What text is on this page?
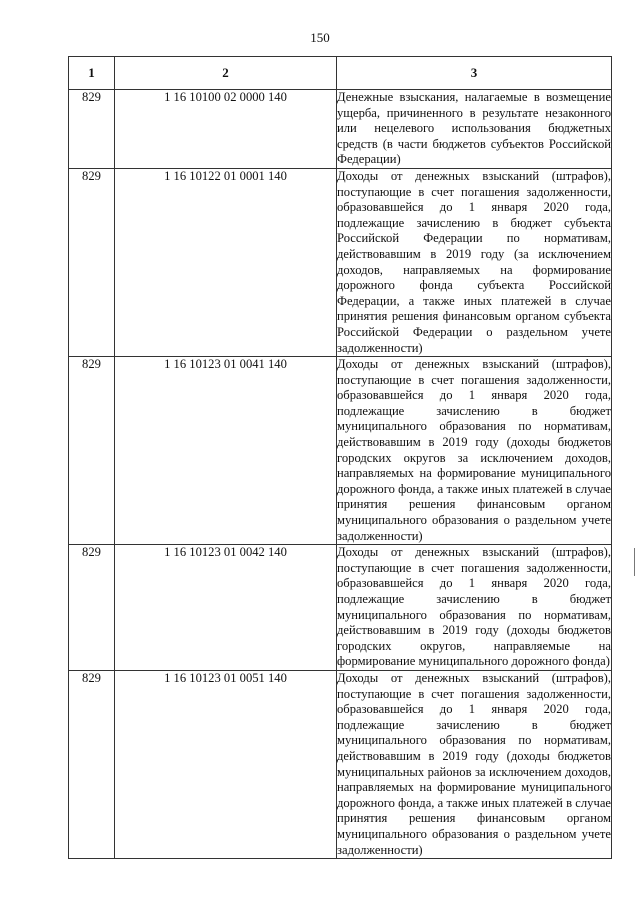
150
1	2	3
829	1 16 10100 02 0000 140	Денежные взыскания, налагаемые в возмещение ущерба, причиненного в результате незаконного или нецелевого использования бюджетных средств (в части бюджетов субъектов Российской Федерации)
829	1 16 10122 01 0001 140	Доходы от денежных взысканий (штрафов), поступающие в счет погашения задолженности, образовавшейся до 1 января 2020 года, подлежащие зачислению в бюджет субъекта Российской Федерации по нормативам, действовавшим в 2019 году (за исключением доходов, направляемых на формирование дорожного фонда субъекта Российской Федерации, а также иных платежей в случае принятия решения финансовым органом субъекта Российской Федерации о раздельном учете задолженности)
829	1 16 10123 01 0041 140	Доходы от денежных взысканий (штрафов), поступающие в счет погашения задолженности, образовавшейся до 1 января 2020 года, подлежащие зачислению в бюджет муниципального образования по нормативам, действовавшим в 2019 году (доходы бюджетов городских округов за исключением доходов, направляемых на формирование муниципального дорожного фонда, а также иных платежей в случае принятия решения финансовым органом муниципального образования о раздельном учете задолженности)
829	1 16 10123 01 0042 140	Доходы от денежных взысканий (штрафов), поступающие в счет погашения задолженности, образовавшейся до 1 января 2020 года, подлежащие зачислению в бюджет муниципального образования по нормативам, действовавшим в 2019 году (доходы бюджетов городских округов, направляемые на формирование муниципального дорожного фонда)
829	1 16 10123 01 0051 140	Доходы от денежных взысканий (штрафов), поступающие в счет погашения задолженности, образовавшейся до 1 января 2020 года, подлежащие зачислению в бюджет муниципального образования по нормативам, действовавшим в 2019 году (доходы бюджетов муниципальных районов за исключением доходов, направляемых на формирование муниципального дорожного фонда, а также иных платежей в случае принятия решения финансовым органом муниципального образования о раздельном учете задолженности)
